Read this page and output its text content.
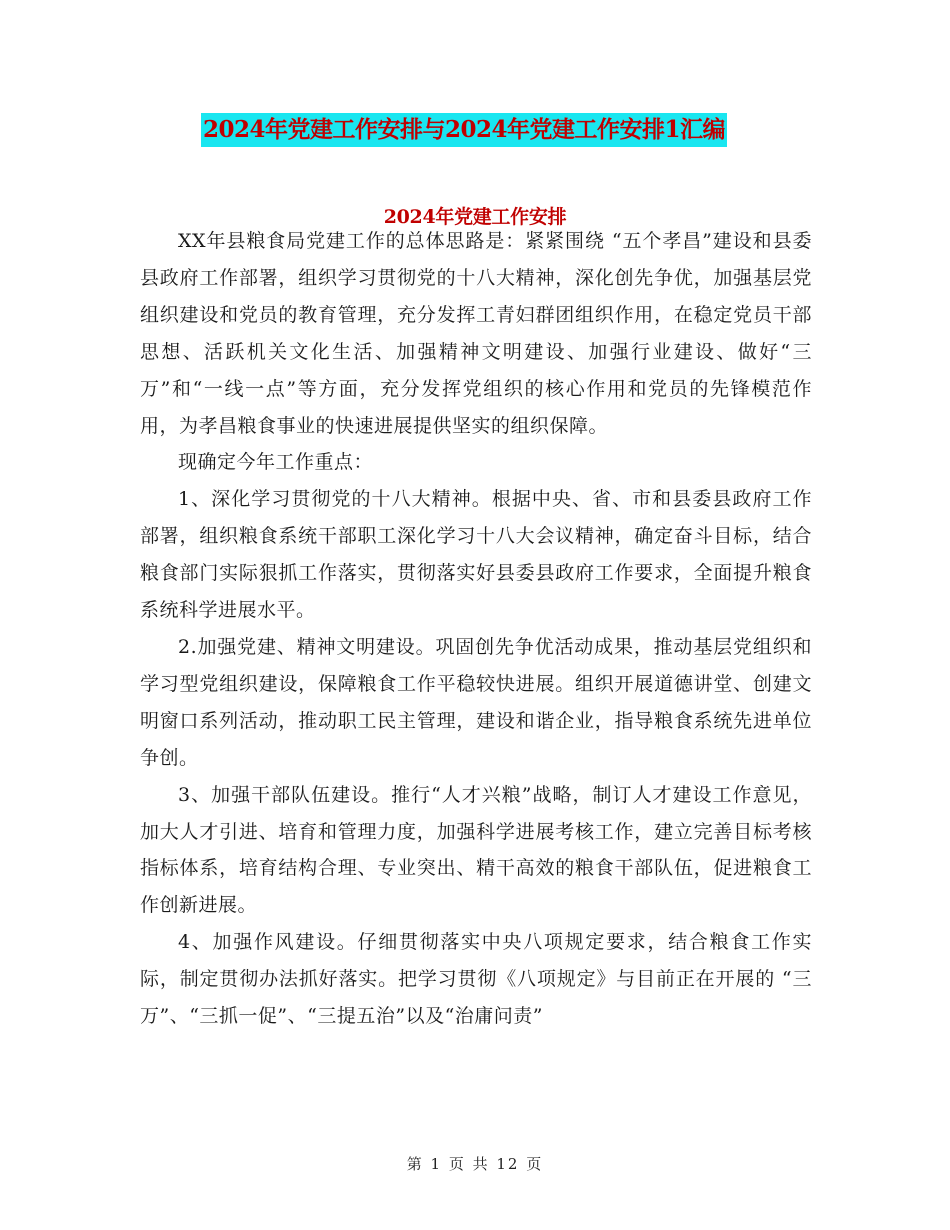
2024年党建工作安排与2024年党建工作安排1汇编
2024年党建工作安排

XX年县粮食局党建工作的总体思路是：紧紧围绕 “五个孝昌”建设和县委县政府工作部署，组织学习贯彻党的十八大精神，深化创先争优，加强基层党组织建设和党员的教育管理，充分发挥工青妇群团组织作用，在稳定党员干部思想、活跃机关文化生活、加强精神文明建设、加强行业建设、做好“三万”和“一线一点”等方面，充分发挥党组织的核心作用和党员的先锋模范作用，为孝昌粮食事业的快速进展提供坚实的组织保障。

现确定今年工作重点：

1、深化学习贯彻党的十八大精神。根据中央、省、市和县委县政府工作部署，组织粮食系统干部职工深化学习十八大会议精神，确定奋斗目标，结合粮食部门实际狠抓工作落实，贯彻落实好县委县政府工作要求，全面提升粮食系统科学进展水平。

2.加强党建、精神文明建设。巩固创先争优活动成果，推动基层党组织和学习型党组织建设，保障粮食工作平稳较快进展。组织开展道德讲堂、创建文明窗口系列活动，推动职工民主管理，建设和谐企业，指导粮食系统先进单位争创。

3、加强干部队伍建设。推行“人才兴粮”战略，制订人才建设工作意见，加大人才引进、培育和管理力度，加强科学进展考核工作，建立完善目标考核指标体系，培育结构合理、专业突出、精干高效的粮食干部队伍，促进粮食工作创新进展。

4、加强作风建设。仔细贯彻落实中央八项规定要求，结合粮食工作实际，制定贯彻办法抓好落实。把学习贯彻《八项规定》与目前正在开展的 “三万”、“三抓一促”、“三提五治”以及“治庸问责”

第 1 页 共 12 页
